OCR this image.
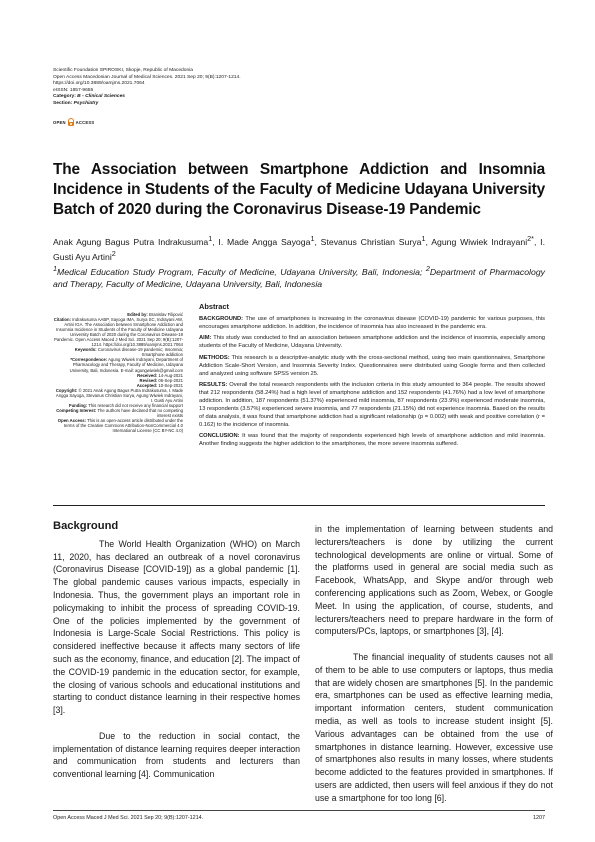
Scientific Foundation SPIROSKI, Skopje, Republic of Macedonia
Open Access Macedonian Journal of Medical Sciences. 2021 Sep 20; 9(B):1207-1214.
https://doi.org/10.3889/oamjms.2021.7064
eISSN: 1857-9655
Category: B - Clinical Sciences
Section: Psychiatry
OPEN ACCESS
The Association between Smartphone Addiction and Insomnia Incidence in Students of the Faculty of Medicine Udayana University Batch of 2020 during the Coronavirus Disease-19 Pandemic
Anak Agung Bagus Putra Indrakusuma$^1$, I. Made Angga Sayoga$^1$, Stevanus Christian Surya$^1$, Agung Wiwiek Indrayani$^{2*}$, I. Gusti Ayu Artini$^2$
$^1$Medical Education Study Program, Faculty of Medicine, Udayana University, Bali, Indonesia; $^2$Department of Pharmacology and Therapy, Faculty of Medicine, Udayana University, Bali, Indonesia
Edited by: Branislav Filipović
Citation: Indrakusuma AABP, Sayoga IMA, Surya SC, Indrayani AW, Artini IGA. The Association between Smartphone Addiction and Insomnia Incidence in Students of the Faculty of Medicine Udayana University Batch of 2020 during the Coronavirus Disease-19 Pandemic. Open Access Maced J Med Sci. 2021 Sep 20; 9(B):1207-1214. https://doi.org/10.3889/oamjms.2021.7064
Keywords: Coronavirus disease-19 pandemic; Insomnia; Smartphone addiction
*Correspondence: Agung Wiwiek Indrayani, Department of Pharmacology and Therapy, Faculty of Medicine, Udayana University, Bali, Indonesia. E-mail: agungwiwiek@gmail.com
Received: 14-Aug-2021
Revised: 06-Sep-2021
Accepted: 10-Sep-2021
Copyright: © 2021 Anak Agung Bagus Putra Indrakusuma, I. Made Angga Sayoga, Stevanus Christian Surya, Agung Wiwiek Indrayani, I. Gusti Ayu Artini
Funding: This research did not receive any financial support
Competing Interest: The authors have declared that no competing interest exists
Open Access: This is an open-access article distributed under the terms of the Creative Commons Attribution-NonCommercial 4.0 International License (CC BY-NC 4.0)
Abstract

BACKGROUND: The use of smartphones is increasing in the coronavirus disease (COVID-19) pandemic for various purposes, this encourages smartphone addiction. In addition, the incidence of insomnia has also increased in the pandemic era.

AIM: This study was conducted to find an association between smartphone addiction and the incidence of insomnia, especially among students of the Faculty of Medicine, Udayana University.

METHODS: This research is a descriptive-analytic study with the cross-sectional method, using two main questionnaires, Smartphone Addiction Scale-Short Version, and Insomnia Severity Index. Questionnaires were distributed using Google forms and then collected and analyzed using software SPSS version 25.

RESULTS: Overall the total research respondents with the inclusion criteria in this study amounted to 364 people. The results showed that 212 respondents (58.24%) had a high level of smartphone addiction and 152 respondents (41.76%) had a low level of smartphone addiction. In addition, 187 respondents (51.37%) experienced mild insomnia, 87 respondents (23.9%) experienced moderate insomnia, 13 respondents (3.57%) experienced severe insomnia, and 77 respondents (21.15%) did not experience insomnia. Based on the results of data analysis, it was found that smartphone addiction had a significant relationship (p = 0.002) with weak and positive correlation (r = 0.162) to the incidence of insomnia.

CONCLUSION: It was found that the majority of respondents experienced high levels of smartphone addiction and mild insomnia. Another finding suggests the higher addiction to the smartphones, the more severe insomnia suffered.

Background

The World Health Organization (WHO) on March 11, 2020, has declared an outbreak of a novel coronavirus (Coronavirus Disease [COVID-19]) as a global pandemic [1]. The global pandemic causes various impacts, especially in Indonesia. Thus, the government plays an important role in policymaking to inhibit the process of spreading COVID-19. One of the policies implemented by the government of Indonesia is Large-Scale Social Restrictions. This policy is considered ineffective because it affects many sectors of life such as the economy, finance, and education [2]. The impact of the COVID-19 pandemic in the education sector, for example, the closing of various schools and educational institutions and starting to conduct distance learning in their respective homes [3].

Due to the reduction in social contact, the implementation of distance learning requires deeper interaction and communication from students and lecturers than conventional learning [4]. Communication

in the implementation of learning between students and lecturers/teachers is done by utilizing the current technological developments are online or virtual. Some of the platforms used in general are social media such as Facebook, WhatsApp, and Skype and/or through web conferencing applications such as Zoom, Webex, or Google Meet. In using the application, of course, students, and lecturers/teachers need to prepare hardware in the form of computers/PCs, laptops, or smartphones [3], [4].

The financial inequality of students causes not all of them to be able to use computers or laptops, thus media that are widely chosen are smartphones [5]. In the pandemic era, smartphones can be used as effective learning media, important information centers, student communication media, as well as tools to increase student insight [5]. Various advantages can be obtained from the use of smartphones in distance learning. However, excessive use of smartphones also results in many losses, where students become addicted to the features provided in smartphones. If users are addicted, then users will feel anxious if they do not use a smartphone for too long [6].

Open Access Maced J Med Sci. 2021 Sep 20; 9(B):1207-1214.	1207
